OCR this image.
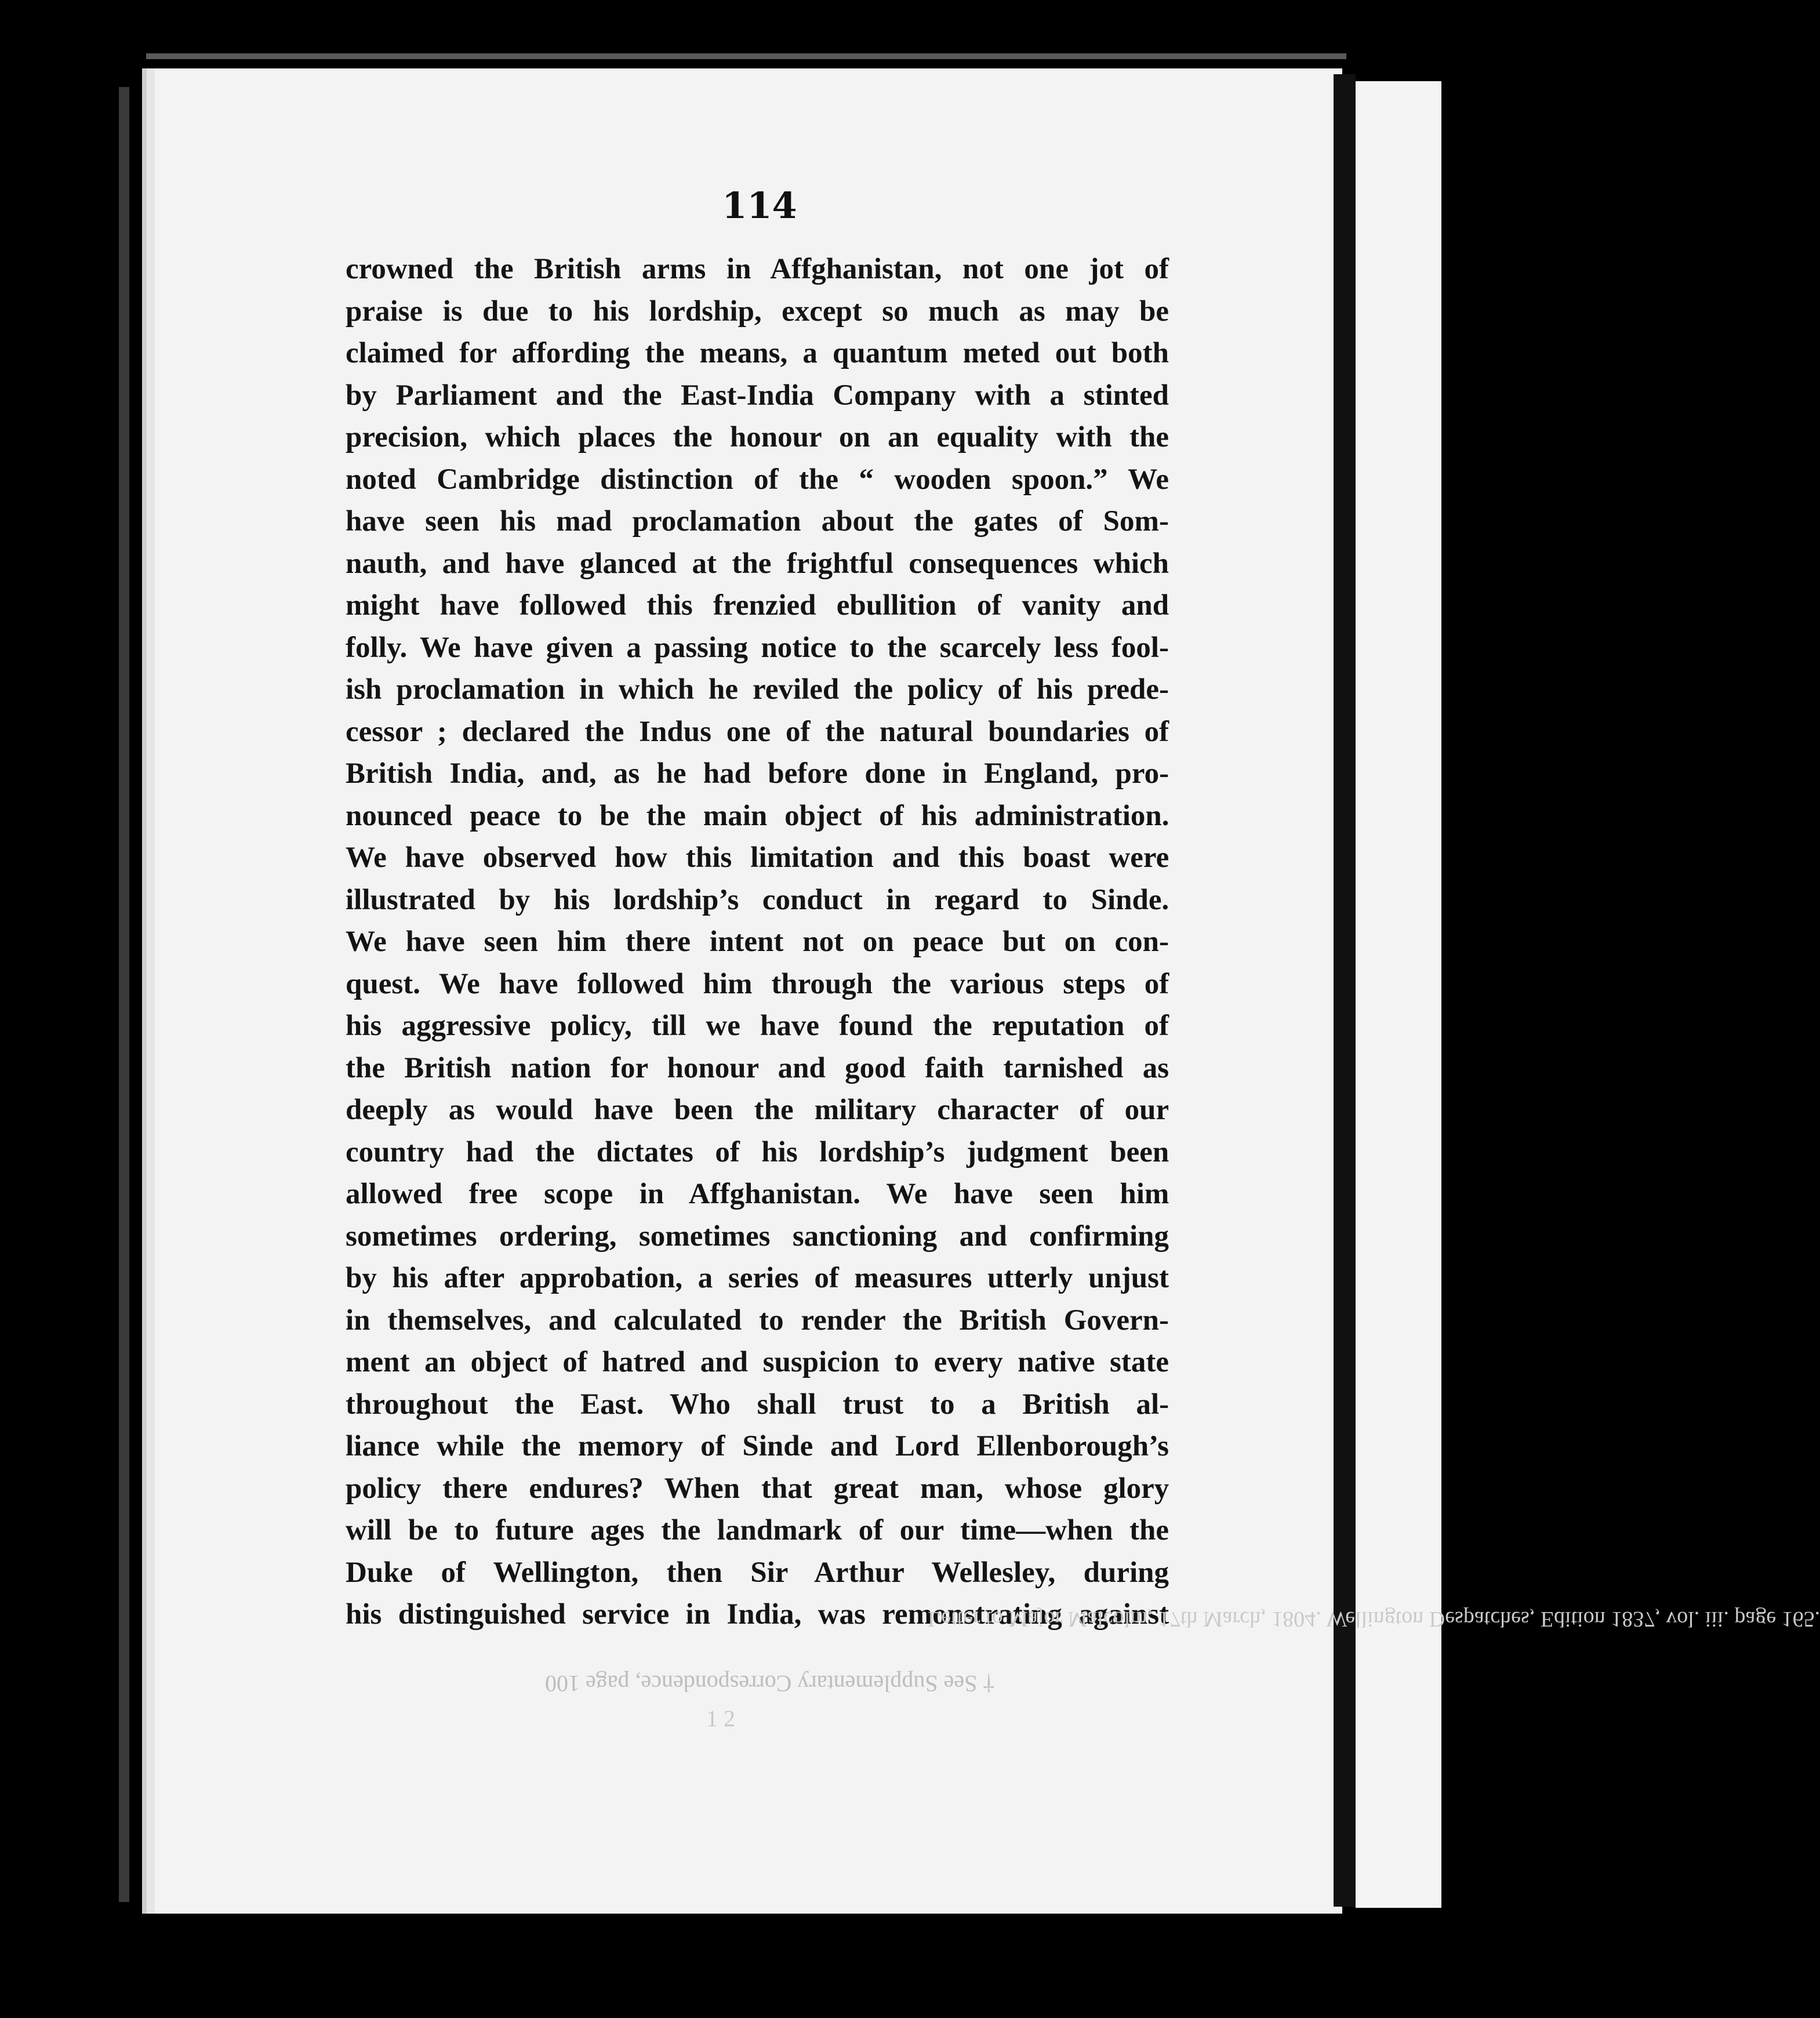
114
crowned the British arms in Affghanistan, not one jot of
praise is due to his lordship, except so much as may be
claimed for affording the means, a quantum meted out both
by Parliament and the East-India Company with a stinted
precision, which places the honour on an equality with the
noted Cambridge distinction of the “ wooden spoon.” We
have seen his mad proclamation about the gates of Som-
nauth, and have glanced at the frightful consequences which
might have followed this frenzied ebullition of vanity and
folly. We have given a passing notice to the scarcely less fool-
ish proclamation in which he reviled the policy of his prede-
cessor ; declared the Indus one of the natural boundaries of
British India, and, as he had before done in England, pro-
nounced peace to be the main object of his administration.
We have observed how this limitation and this boast were
illustrated by his lordship’s conduct in regard to Sinde.
We have seen him there intent not on peace but on con-
quest. We have followed him through the various steps of
his aggressive policy, till we have found the reputation of
the British nation for honour and good faith tarnished as
deeply as would have been the military character of our
country had the dictates of his lordship’s judgment been
allowed free scope in Affghanistan. We have seen him
sometimes ordering, sometimes sanctioning and confirming
by his after approbation, a series of measures utterly unjust
in themselves, and calculated to render the British Govern-
ment an object of hatred and suspicion to every native state
throughout the East. Who shall trust to a British al-
liance while the memory of Sinde and Lord Ellenborough’s
policy there endures? When that great man, whose glory
will be to future ages the landmark of our time—when the
Duke of Wellington, then Sir Arthur Wellesley, during
his distinguished service in India, was remonstrating against
Letter to Major Malcolm, 17th March, 1804. Wellington Despatches, Edition 1837, vol. iii. page 165.
† See Supplementary Correspondence, page 100
1 2
